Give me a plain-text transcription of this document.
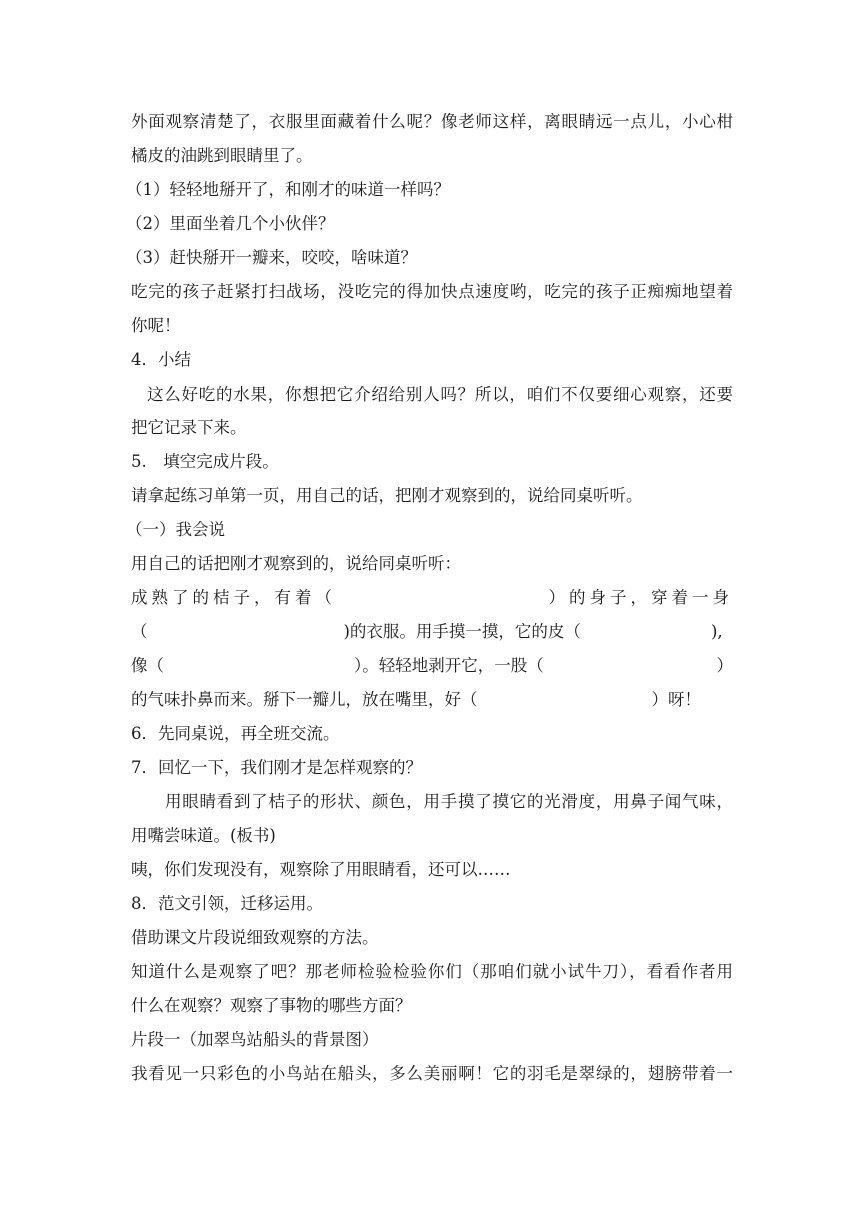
外面观察清楚了，衣服里面藏着什么呢？像老师这样，离眼睛远一点儿，小心柑

橘皮的油跳到眼睛里了。

（1）轻轻地掰开了，和刚才的味道一样吗？

（2）里面坐着几个小伙伴？

（3）赶快掰开一瓣来，咬咬，啥味道？

吃完的孩子赶紧打扫战场，没吃完的得加快点速度哟，吃完的孩子正痴痴地望着

你呢！

4．小结

这么好吃的水果，你想把它介绍给别人吗？所以，咱们不仅要细心观察，还要

把它记录下来。

5.　填空完成片段。

请拿起练习单第一页，用自己的话，把刚才观察到的，说给同桌听听。

（一）我会说

用自己的话把刚才观察到的，说给同桌听听：

成熟了的桔子，有着（	）的身子，穿着一身

（	)的衣服。用手摸一摸，它的皮（	),

像（	）。轻轻地剥开它，一股（	）

的气味扑鼻而来。掰下一瓣儿，放在嘴里，好（	）呀！

6．先同桌说，再全班交流。

7．回忆一下，我们刚才是怎样观察的？

用眼睛看到了桔子的形状、颜色，用手摸了摸它的光滑度，用鼻子闻气味，

用嘴尝味道。(板书)

咦，你们发现没有，观察除了用眼睛看，还可以……

8．范文引领，迁移运用。

借助课文片段说细致观察的方法。

知道什么是观察了吧？那老师检验检验你们（那咱们就小试牛刀），看看作者用

什么在观察？观察了事物的哪些方面？

片段一（加翠鸟站船头的背景图）

我看见一只彩色的小鸟站在船头，多么美丽啊！它的羽毛是翠绿的，翅膀带着一
